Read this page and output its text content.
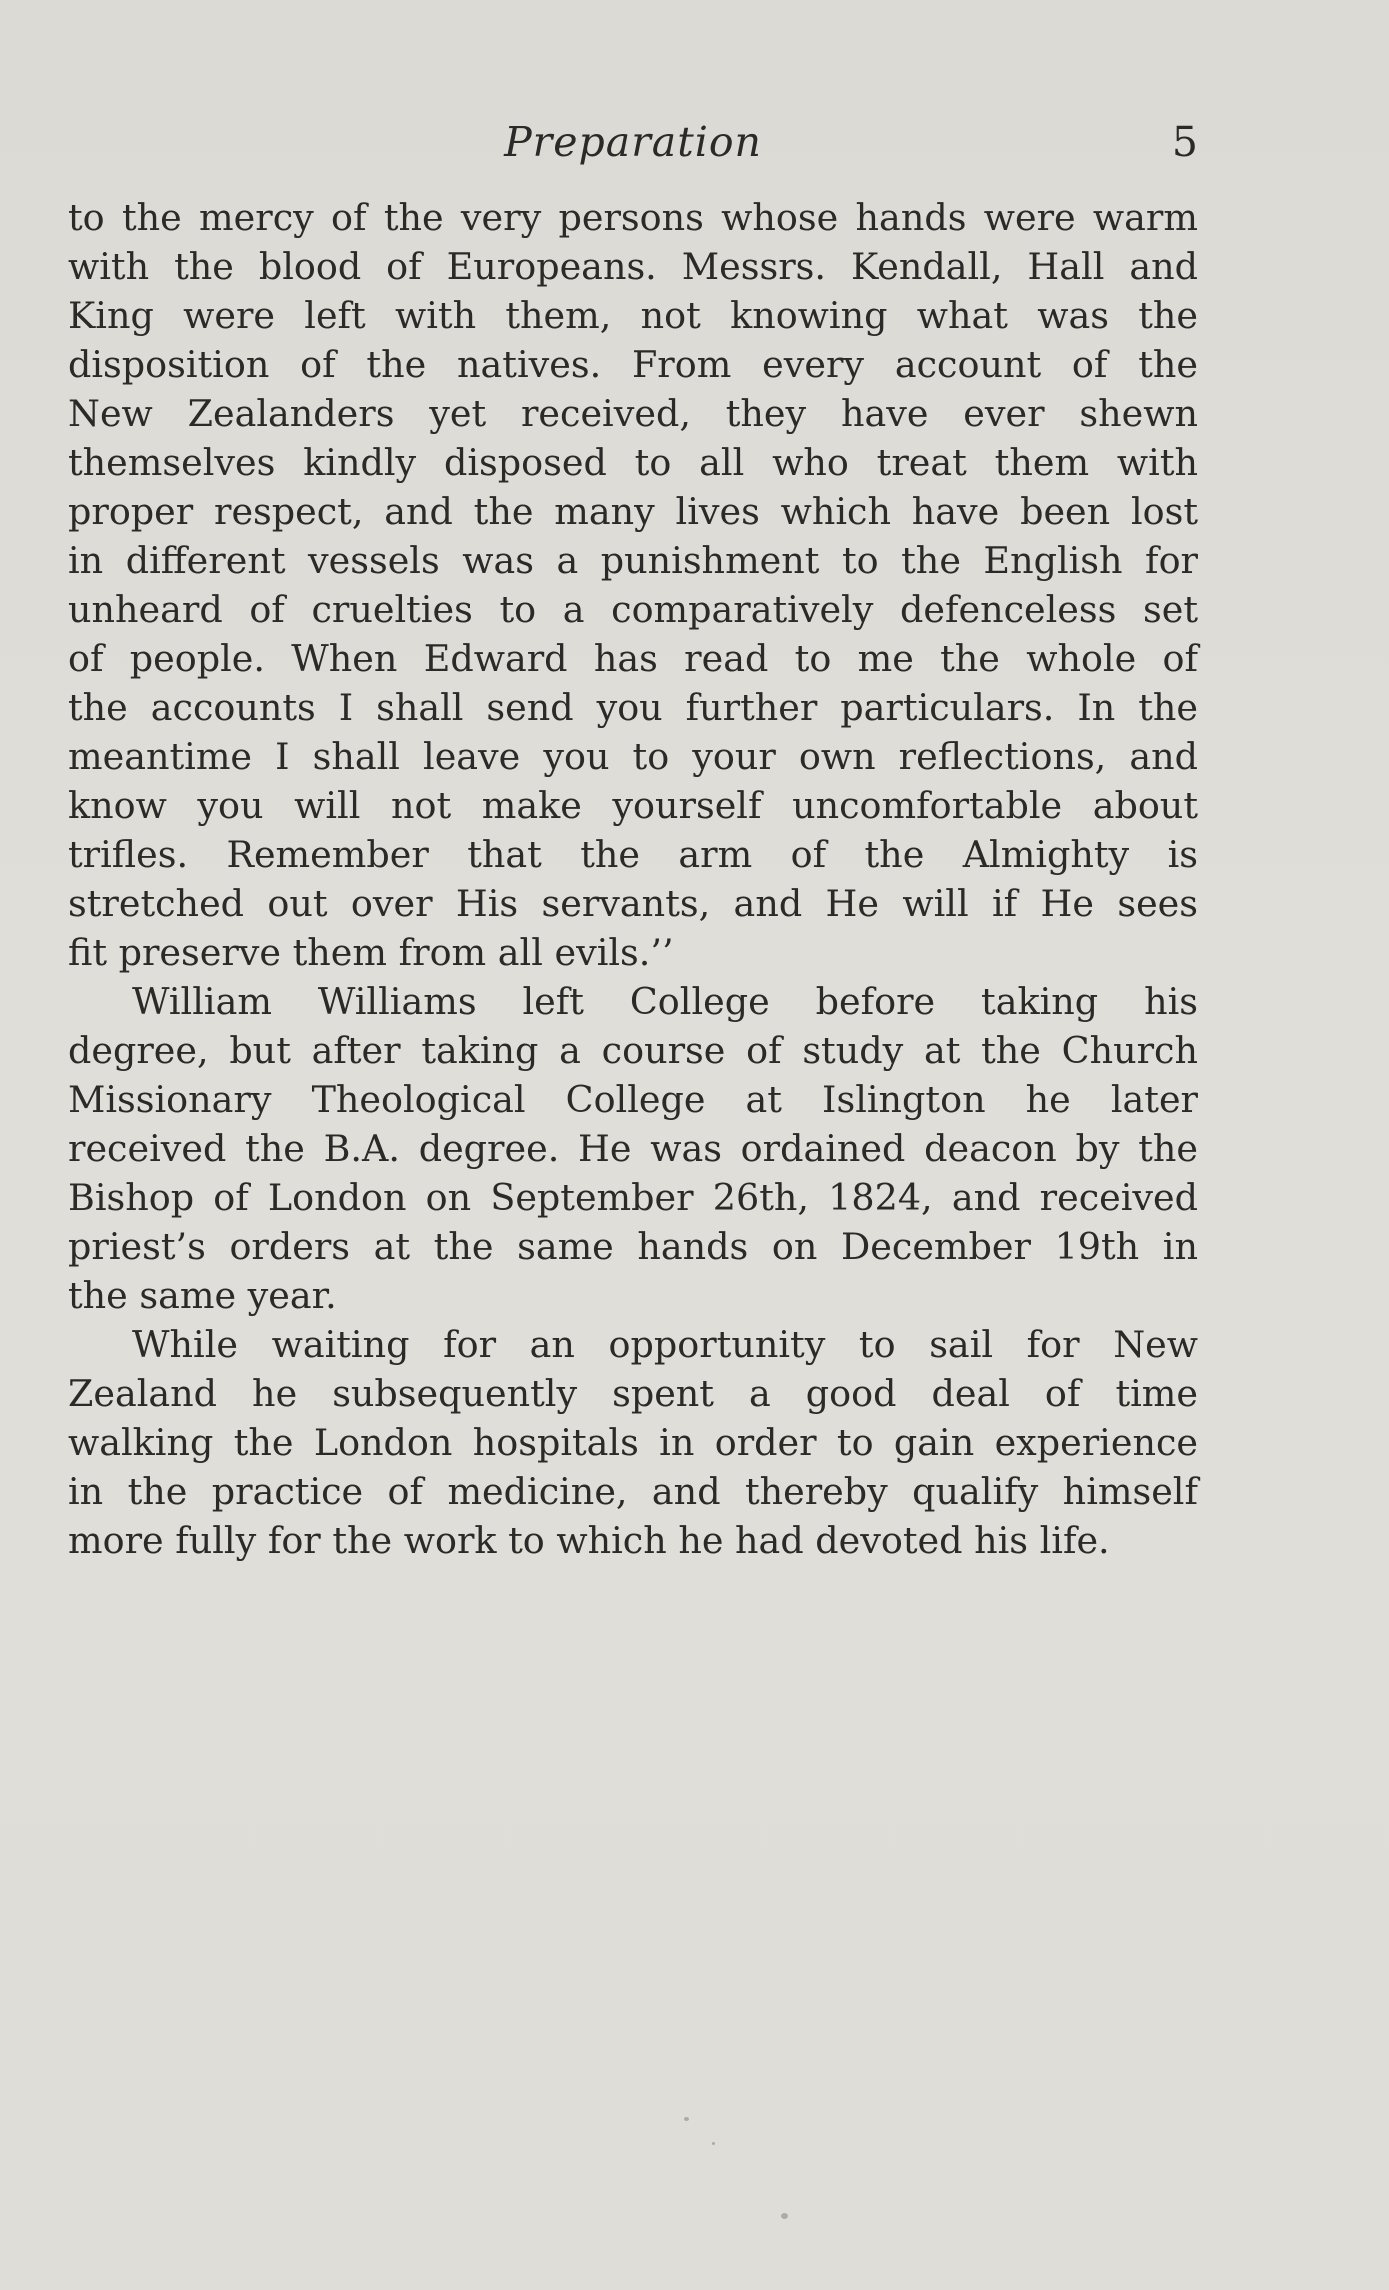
Preparation	5
to the mercy of the very persons whose hands were warm
with the blood of Europeans. Messrs. Kendall, Hall and
King were left with them, not knowing what was the
disposition of the natives. From every account of the
New Zealanders yet received, they have ever shewn
themselves kindly disposed to all who treat them with
proper respect, and the many lives which have been lost
in different vessels was a punishment to the English for
unheard of cruelties to a comparatively defenceless set
of people. When Edward has read to me the whole of
the accounts I shall send you further particulars. In the
meantime I shall leave you to your own reflections, and
know you will not make yourself uncomfortable about
trifles. Remember that the arm of the Almighty is
stretched out over His servants, and He will if He sees
fit preserve them from all evils.’’
William Williams left College before taking his
degree, but after taking a course of study at the Church
Missionary Theological College at Islington he later
received the B.A. degree. He was ordained deacon by the
Bishop of London on September 26th, 1824, and received
priest’s orders at the same hands on December 19th in
the same year.
While waiting for an opportunity to sail for New
Zealand he subsequently spent a good deal of time
walking the London hospitals in order to gain experience
in the practice of medicine, and thereby qualify himself
more fully for the work to which he had devoted his life.
